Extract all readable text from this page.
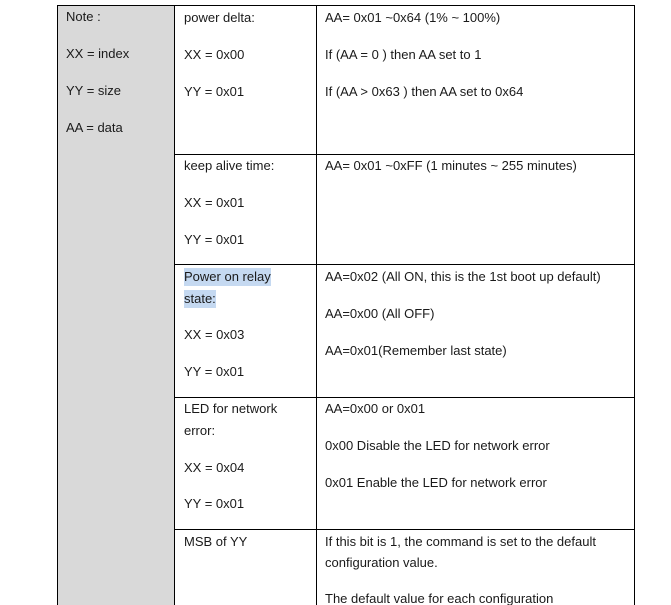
Note :
XX = index
YY = size
AA = data
power delta:
XX = 0x00
YY = 0x01
AA= 0x01 ~0x64 (1% ~ 100%)
If (AA = 0 ) then AA set to 1
If (AA > 0x63 ) then AA set to 0x64
keep alive time:
XX = 0x01
YY = 0x01
AA= 0x01 ~0xFF (1 minutes ~ 255 minutes)
Power on relay
state:
XX = 0x03
YY = 0x01
AA=0x02 (All ON, this is the 1st boot up default)
AA=0x00 (All OFF)
AA=0x01(Remember last state)
LED for network
error:
XX = 0x04
YY = 0x01
AA=0x00 or 0x01
0x00 Disable the LED for network error
0x01 Enable the LED for network error
MSB of YY	If this bit is 1, the command is set to the default
configuration value.
The default value for each configuration
